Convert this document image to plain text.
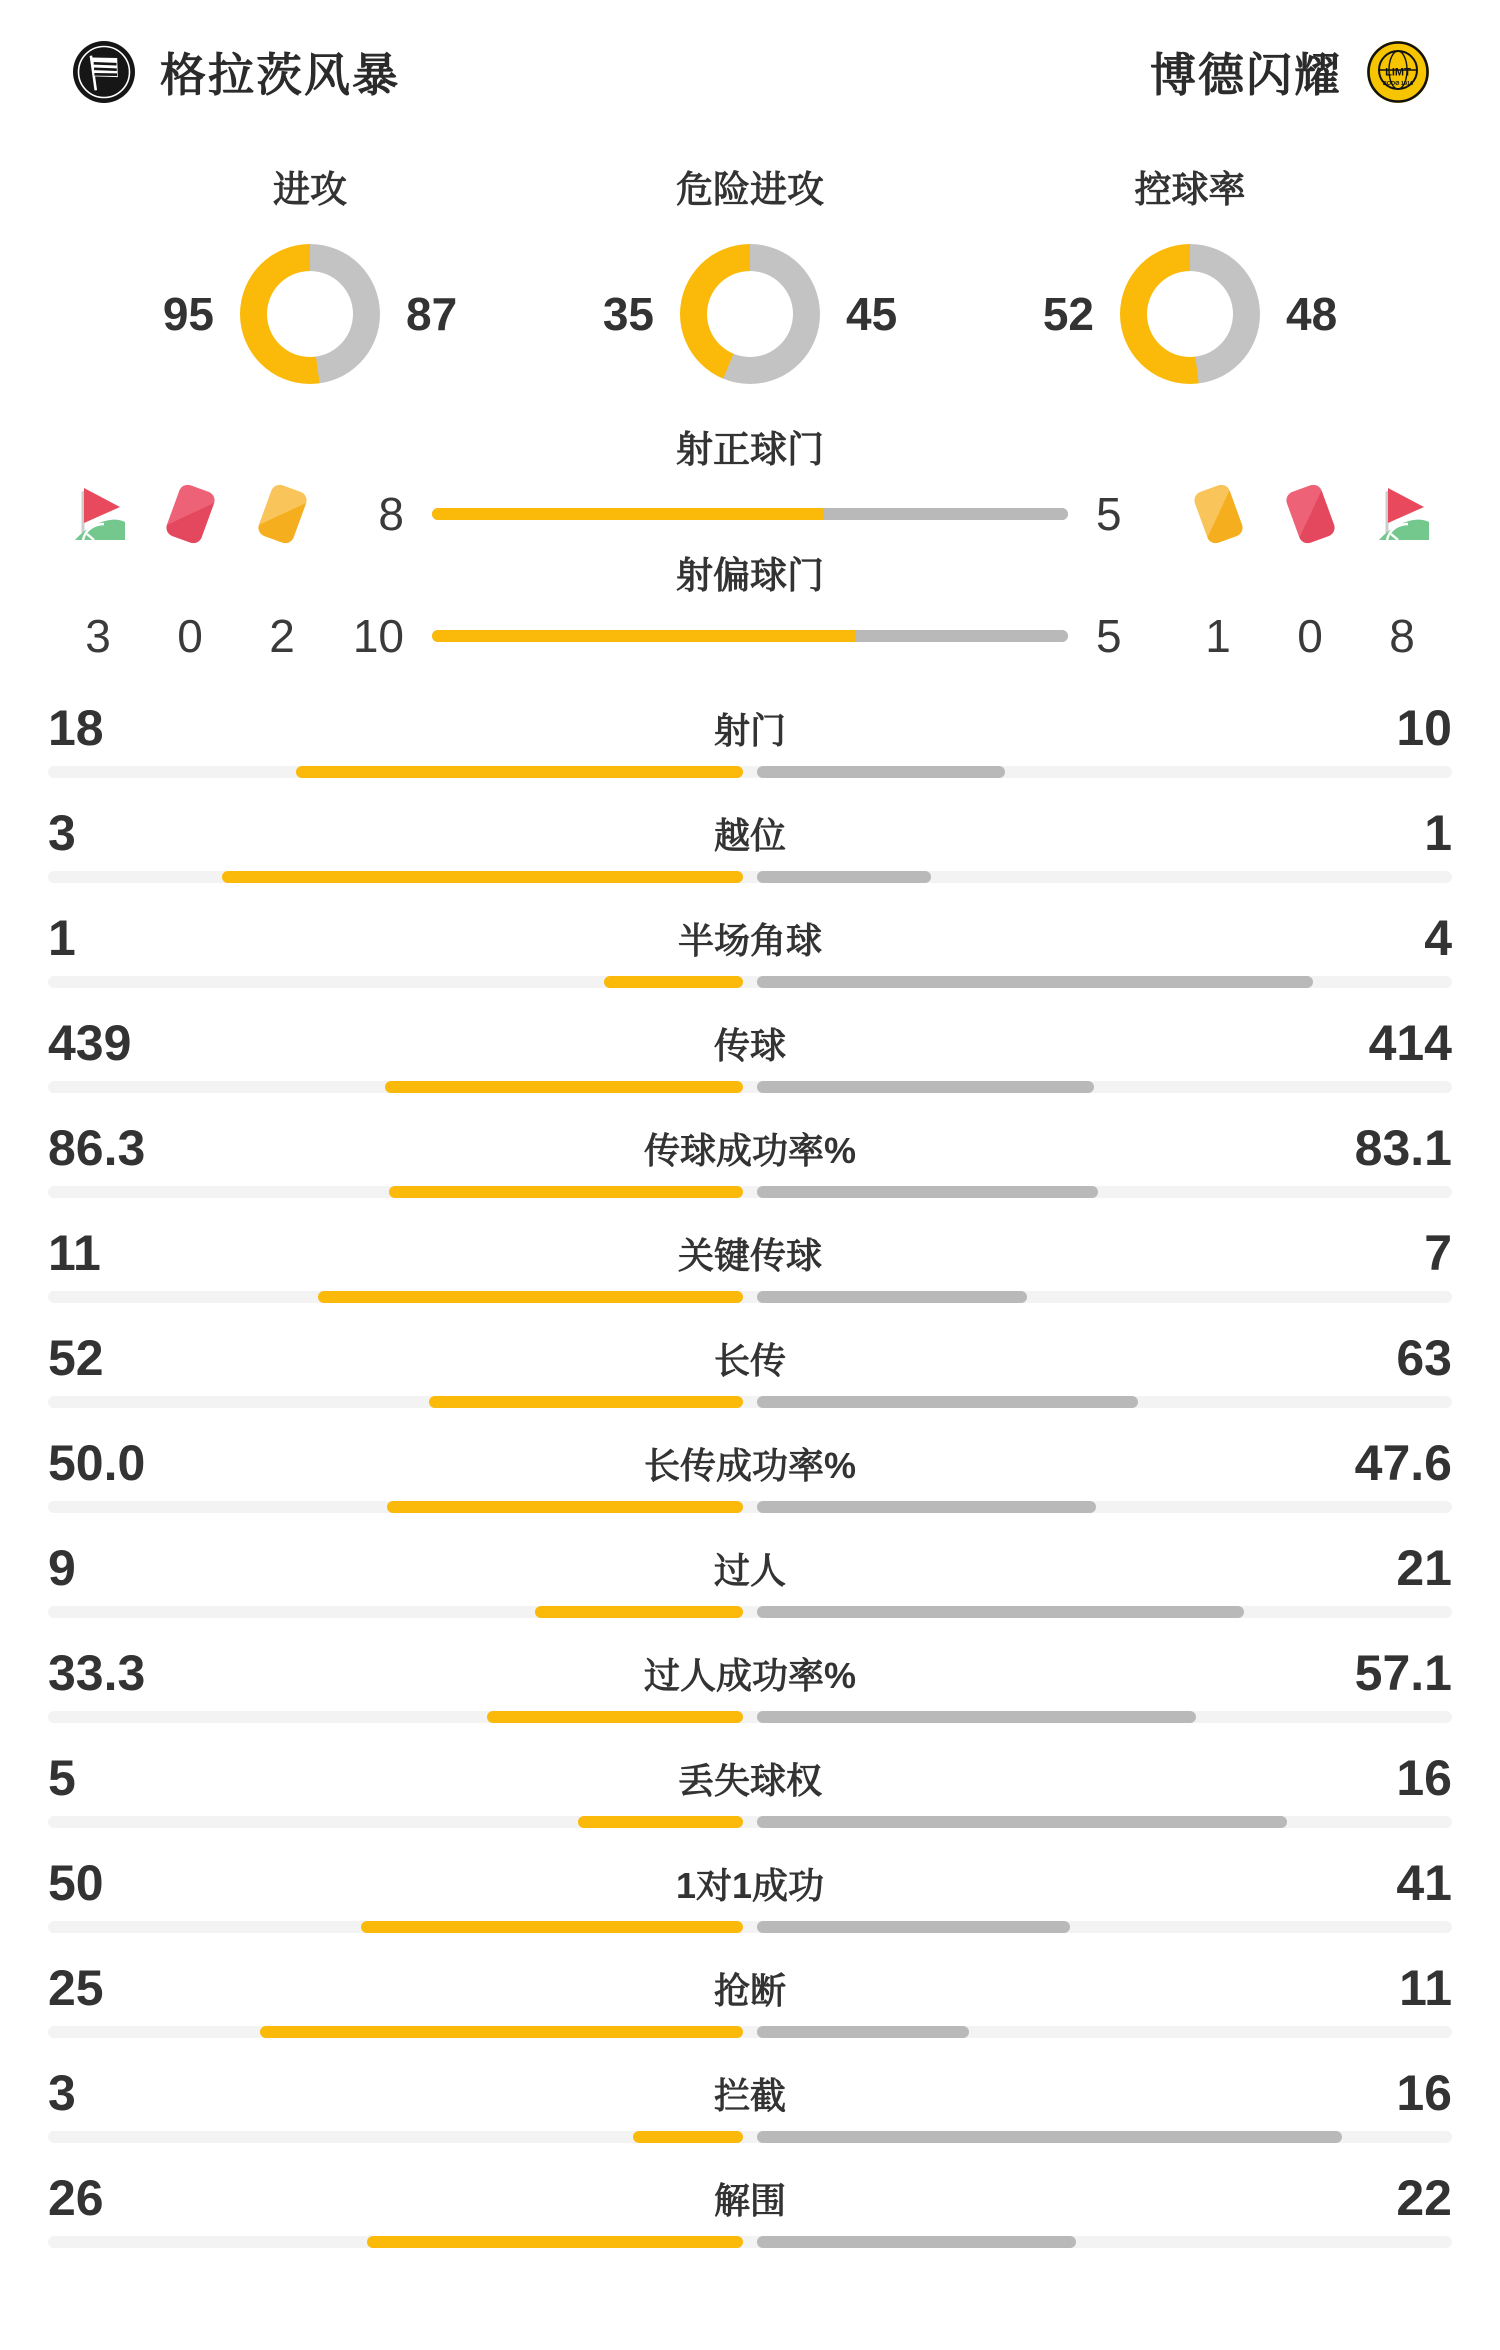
格拉茨风暴	博德闪耀	LIMT
BODØ 1916
进攻
95	87
危险进攻
35	45
控球率
52	48
射正球门
8	5
射偏球门
3	0	2	10	5	1	0	8
18	射门	10
3	越位	1
1	半场角球	4
439	传球	414
86.3	传球成功率%	83.1
11	关键传球	7
52	长传	63
50.0	长传成功率%	47.6
9	过人	21
33.3	过人成功率%	57.1
5	丢失球权	16
50	1对1成功	41
25	抢断	11
3	拦截	16
26	解围	22
